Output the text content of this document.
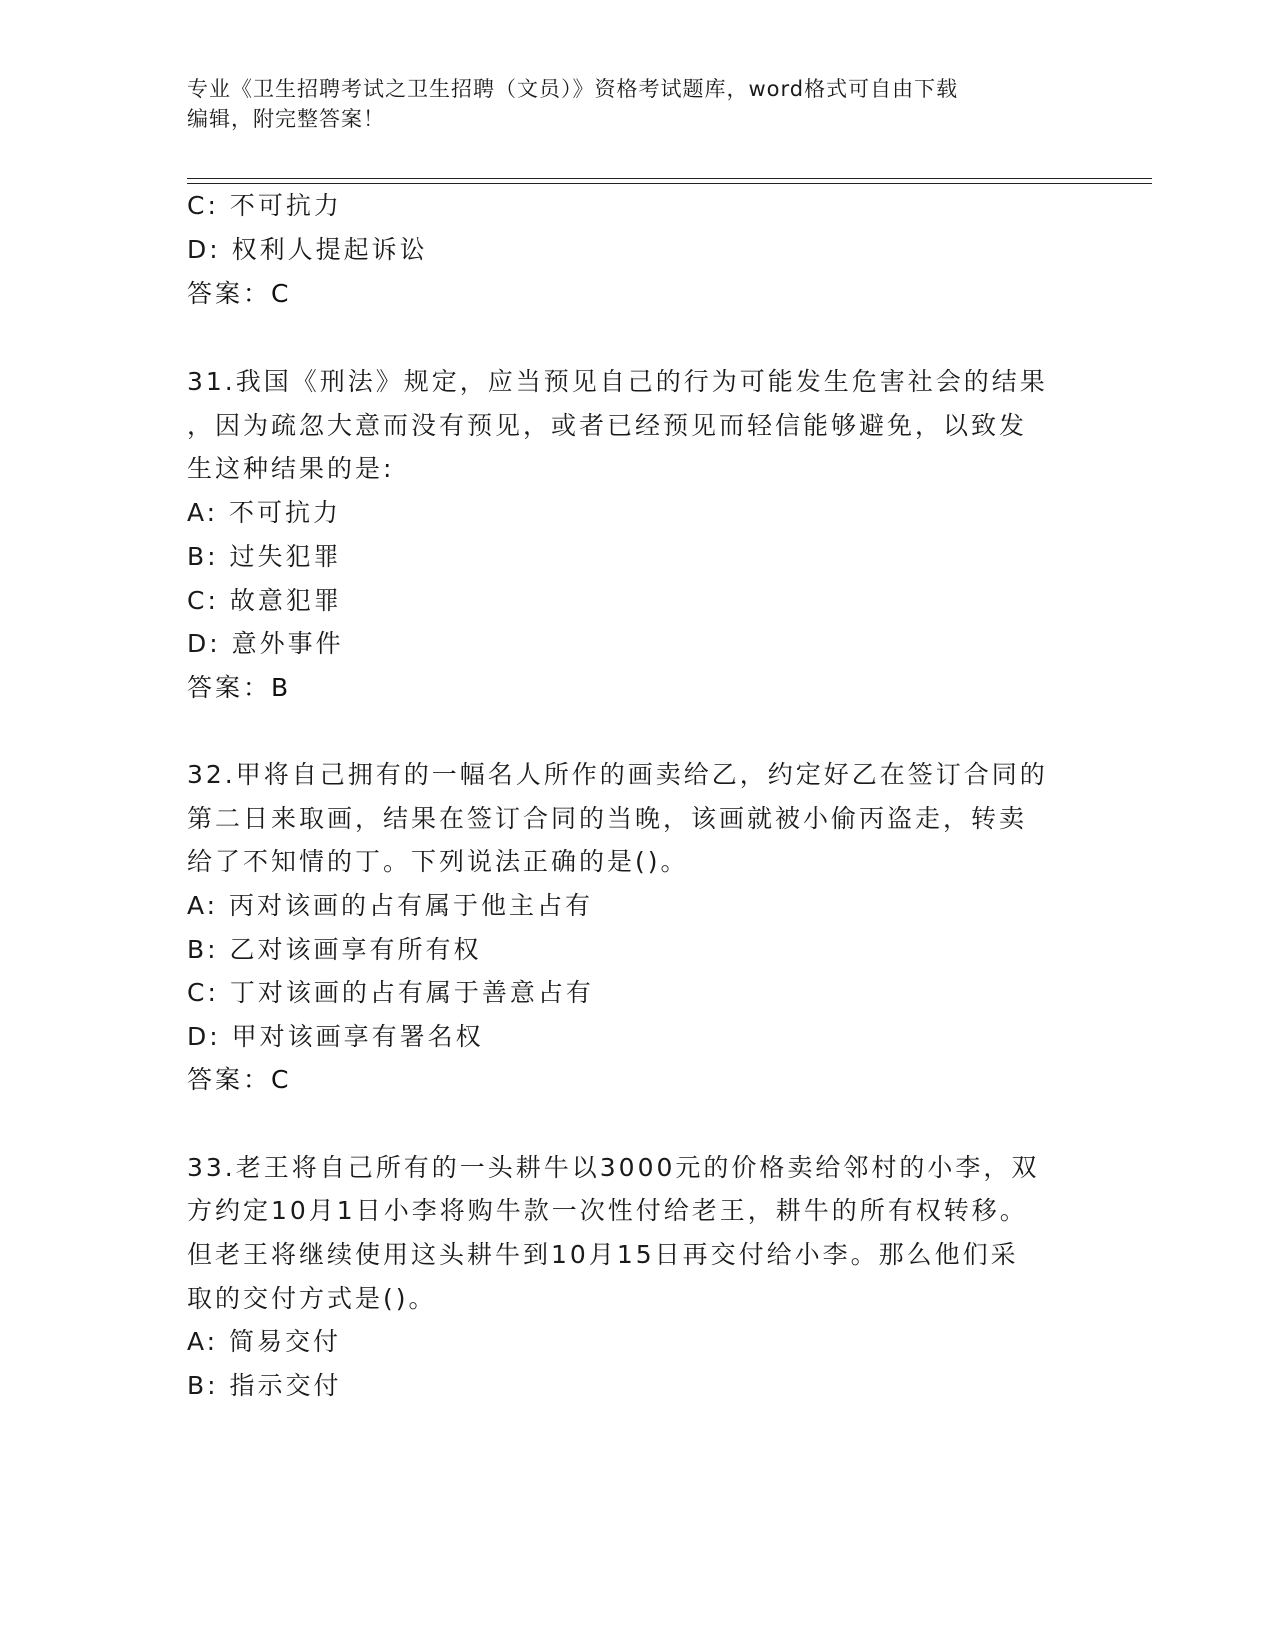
专业《卫生招聘考试之卫生招聘（文员）》资格考试题库，word格式可自由下载
编辑，附完整答案！
C: 不可抗力
D: 权利人提起诉讼
答案：C
31.我国《刑法》规定，应当预见自己的行为可能发生危害社会的结果
，因为疏忽大意而没有预见，或者已经预见而轻信能够避免，以致发
生这种结果的是:
A: 不可抗力
B: 过失犯罪
C: 故意犯罪
D: 意外事件
答案：B
32.甲将自己拥有的一幅名人所作的画卖给乙，约定好乙在签订合同的
第二日来取画，结果在签订合同的当晚，该画就被小偷丙盗走，转卖
给了不知情的丁。下列说法正确的是()。
A: 丙对该画的占有属于他主占有
B: 乙对该画享有所有权
C: 丁对该画的占有属于善意占有
D: 甲对该画享有署名权
答案：C
33.老王将自己所有的一头耕牛以3000元的价格卖给邻村的小李，双
方约定10月1日小李将购牛款一次性付给老王，耕牛的所有权转移。
但老王将继续使用这头耕牛到10月15日再交付给小李。那么他们采
取的交付方式是()。
A: 简易交付
B: 指示交付
